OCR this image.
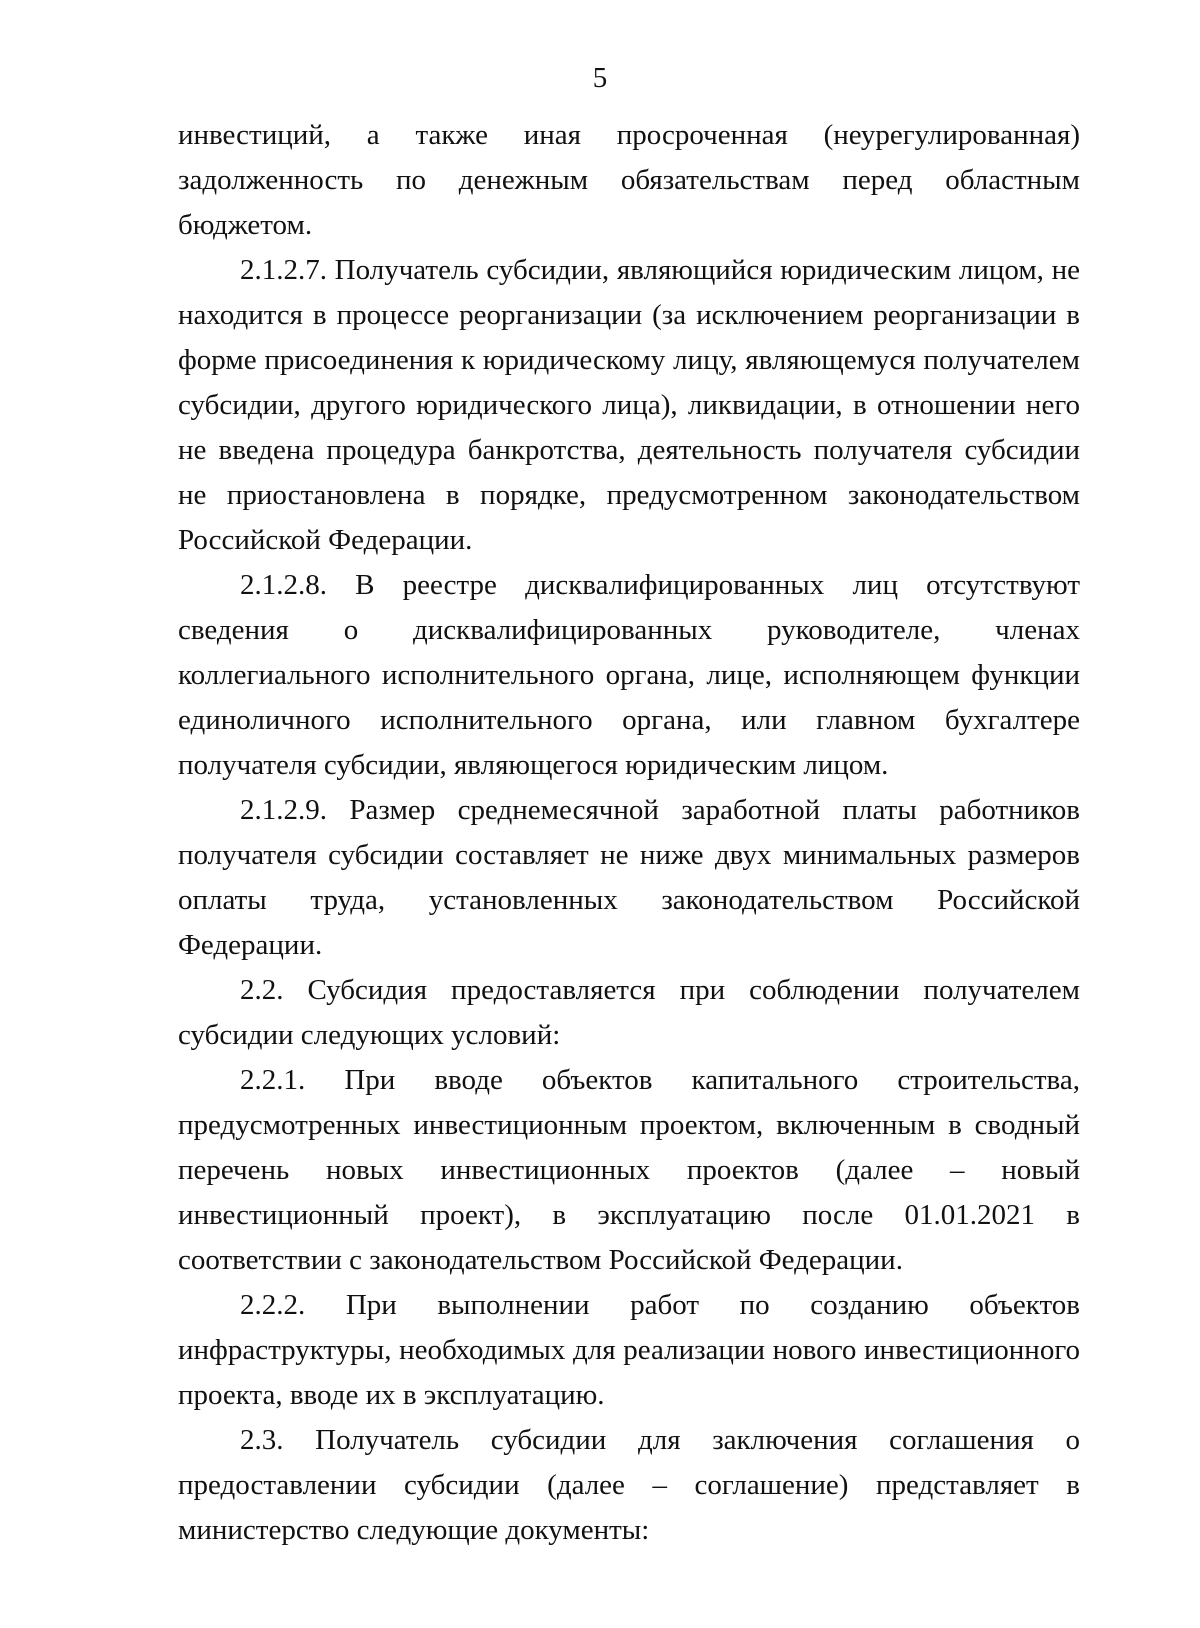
5

инвестиций, а также иная просроченная (неурегулированная) задолженность по денежным обязательствам перед областным бюджетом.

2.1.2.7. Получатель субсидии, являющийся юридическим лицом, не находится в процессе реорганизации (за исключением реорганизации в форме присоединения к юридическому лицу, являющемуся получателем субсидии, другого юридического лица), ликвидации, в отношении него не введена процедура банкротства, деятельность получателя субсидии не приостановлена в порядке, предусмотренном законодательством Российской Федерации.

2.1.2.8. В реестре дисквалифицированных лиц отсутствуют сведения о дисквалифицированных руководителе, членах коллегиального исполнительного органа, лице, исполняющем функции единоличного исполнительного органа, или главном бухгалтере получателя субсидии, являющегося юридическим лицом.

2.1.2.9. Размер среднемесячной заработной платы работников получателя субсидии составляет не ниже двух минимальных размеров оплаты труда, установленных законодательством Российской Федерации.

2.2. Субсидия предоставляется при соблюдении получателем субсидии следующих условий:

2.2.1. При вводе объектов капитального строительства, предусмотренных инвестиционным проектом, включенным в сводный перечень новых инвестиционных проектов (далее – новый инвестиционный проект), в эксплуатацию после 01.01.2021 в соответствии с законодательством Российской Федерации.

2.2.2. При выполнении работ по созданию объектов инфраструктуры, необходимых для реализации нового инвестиционного проекта, вводе их в эксплуатацию.

2.3. Получатель субсидии для заключения соглашения о предоставлении субсидии (далее – соглашение) представляет в министерство следующие документы:
